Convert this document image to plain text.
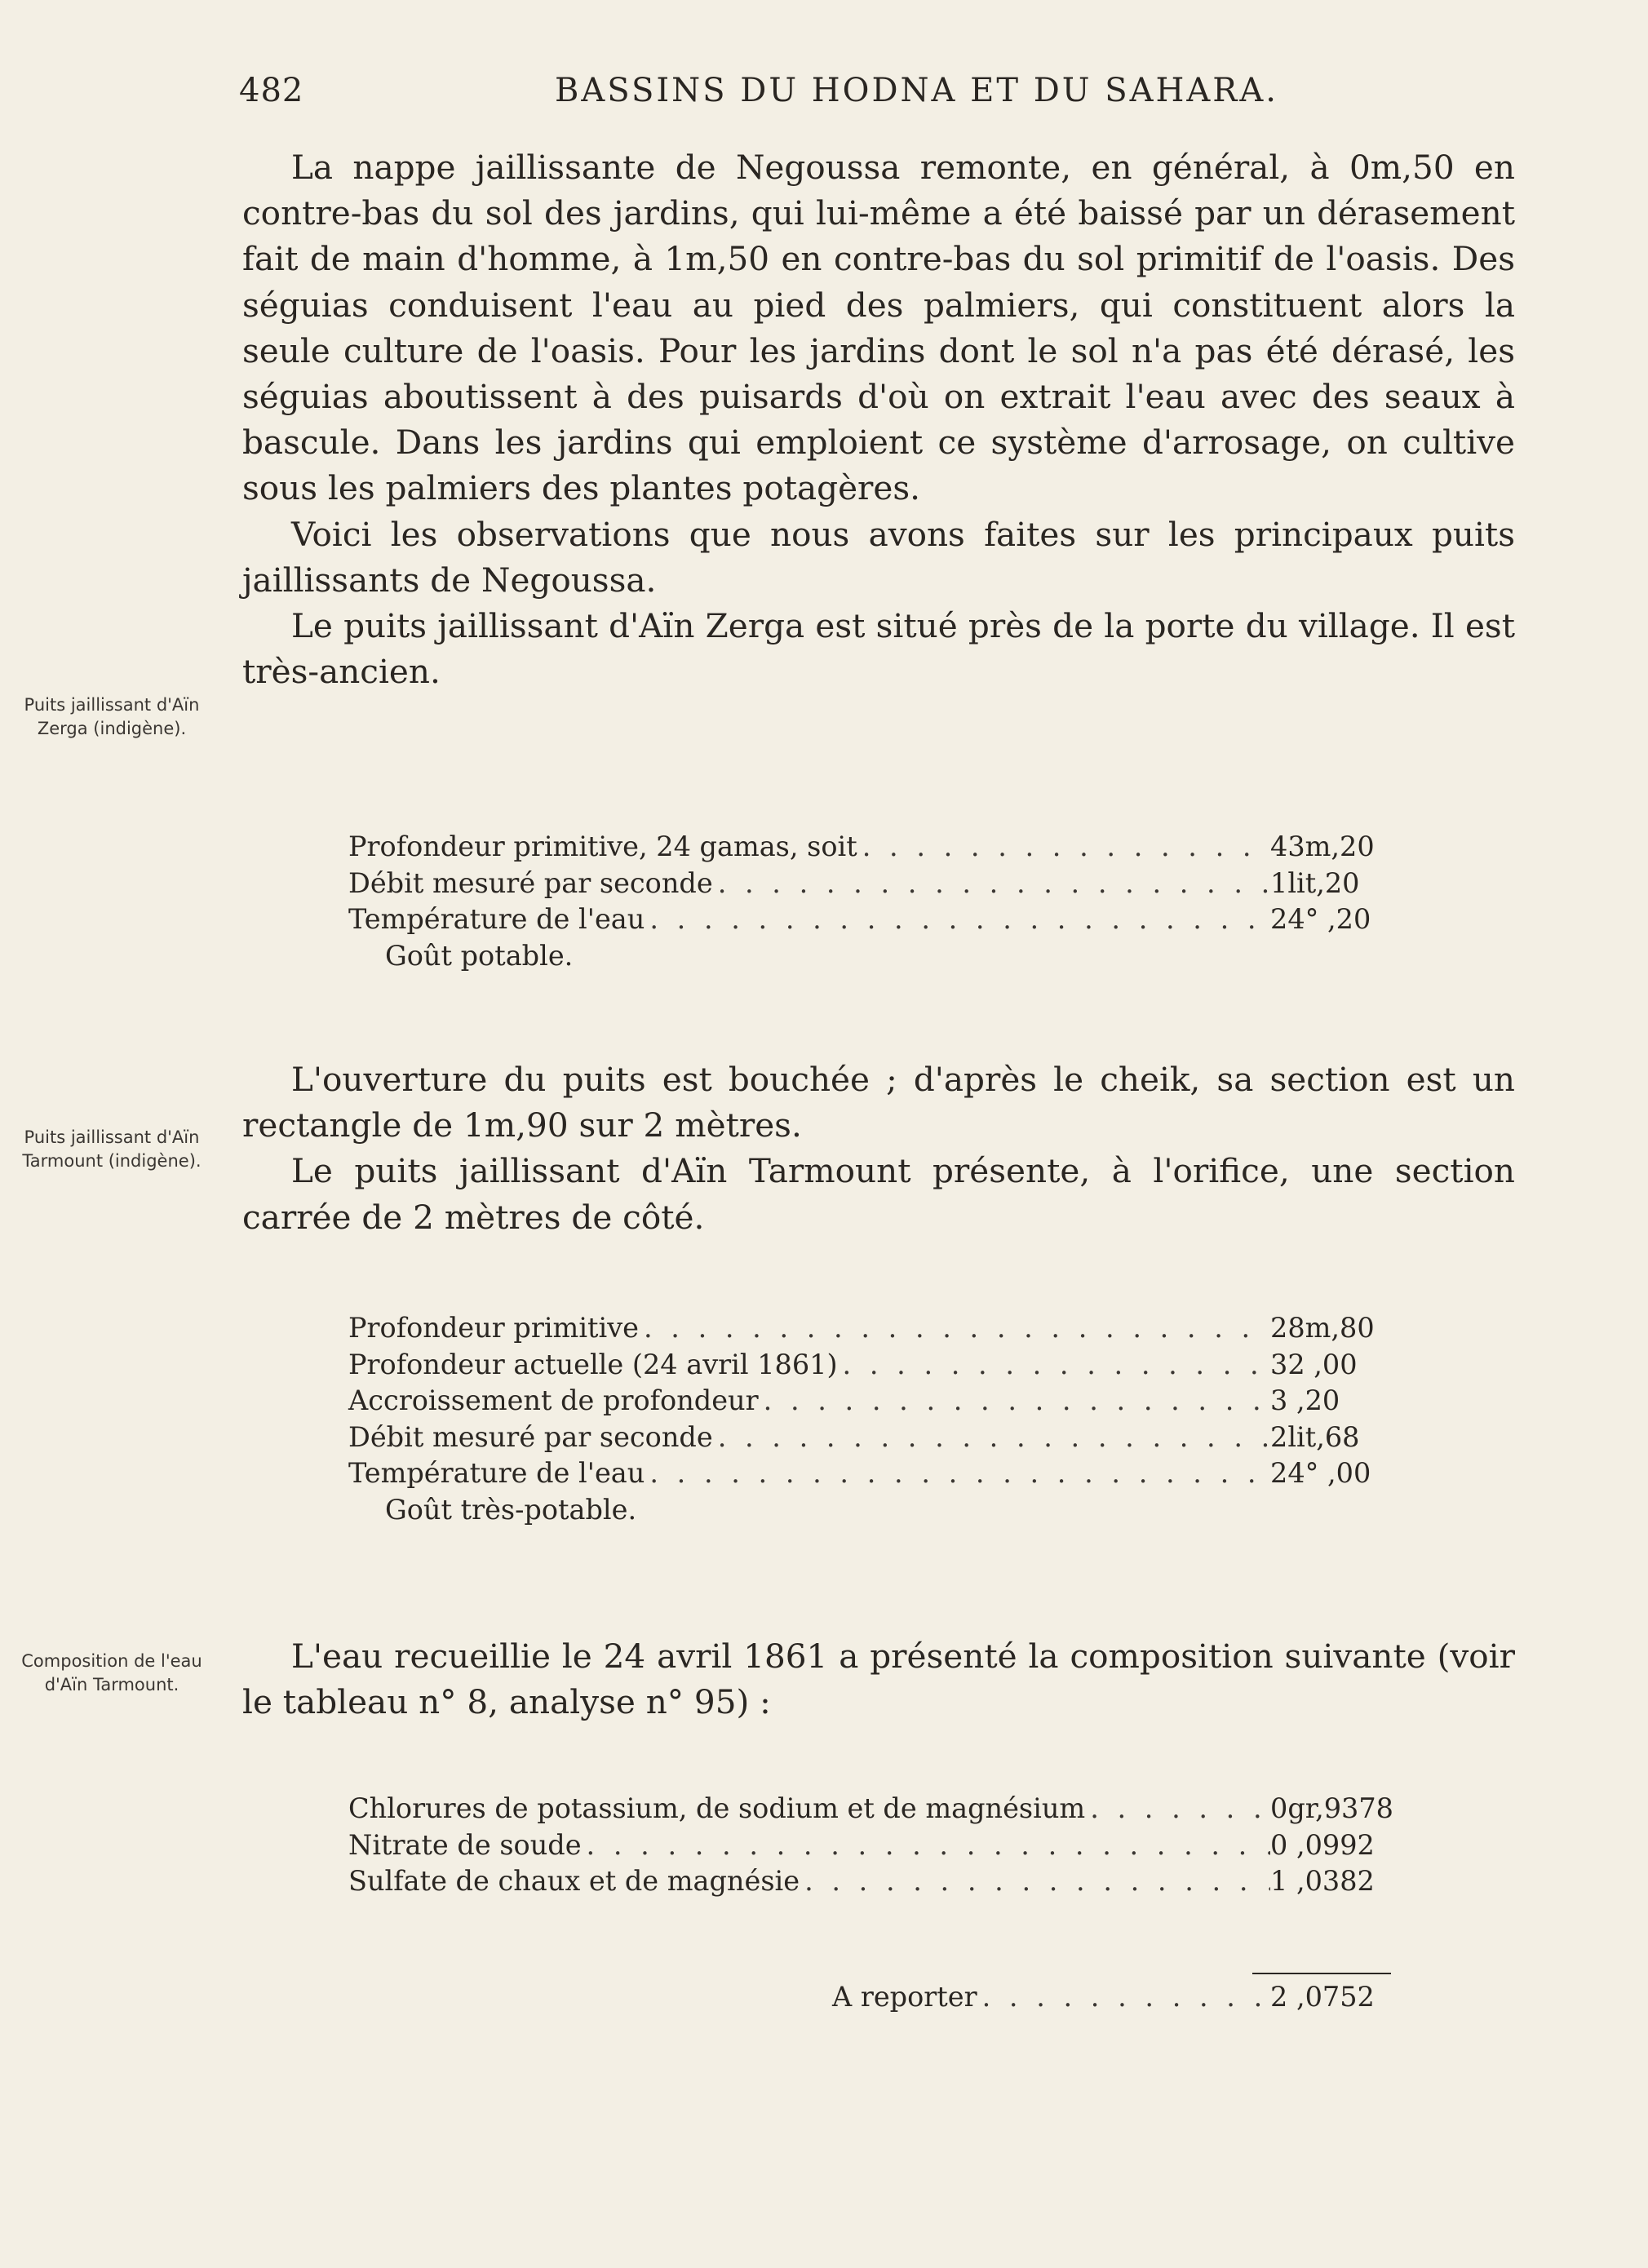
482	BASSINS DU HODNA ET DU SAHARA.

La nappe jaillissante de Negoussa remonte, en général, à 0m,50 en contre-bas du sol des jardins, qui lui-même a été baissé par un dérasement fait de main d'homme, à 1m,50 en contre-bas du sol primitif de l'oasis. Des séguias conduisent l'eau au pied des palmiers, qui constituent alors la seule culture de l'oasis. Pour les jardins dont le sol n'a pas été dérasé, les séguias aboutissent à des puisards d'où on extrait l'eau avec des seaux à bascule. Dans les jardins qui emploient ce système d'arrosage, on cultive sous les palmiers des plantes potagères.

Voici les observations que nous avons faites sur les principaux puits jaillissants de Negoussa.

Le puits jaillissant d'Aïn Zerga est situé près de la porte du village. Il est très-ancien.

Puits jaillissant d'Aïn Zerga (indigène).
Profondeur primitive, 24 gamas, soit . . .	43m,20
Débit mesuré par seconde . . .	1lit,20
Température de l'eau . . .	24° ,20
Goût potable.

L'ouverture du puits est bouchée ; d'après le cheik, sa section est un rectangle de 1m,90 sur 2 mètres.

Le puits jaillissant d'Aïn Tarmount présente, à l'orifice, une section carrée de 2 mètres de côté.

Puits jaillissant d'Aïn Tarmount (indigène).
Profondeur primitive . . .	28m,80
Profondeur actuelle (24 avril 1861) . . .	32 ,00
Accroissement de profondeur . . .	3 ,20
Débit mesuré par seconde . . .	2lit,68
Température de l'eau . . .	24° ,00
Goût très-potable.

L'eau recueillie le 24 avril 1861 a présenté la composition suivante (voir le tableau n° 8, analyse n° 95) :

Composition de l'eau d'Aïn Tarmount.
Chlorures de potassium, de sodium et de magnésium . . .	0gr,9378
Nitrate de soude . . .	0 ,0992
Sulfate de chaux et de magnésie . . .	1 ,0382
A reporter . . .	2 ,0752
